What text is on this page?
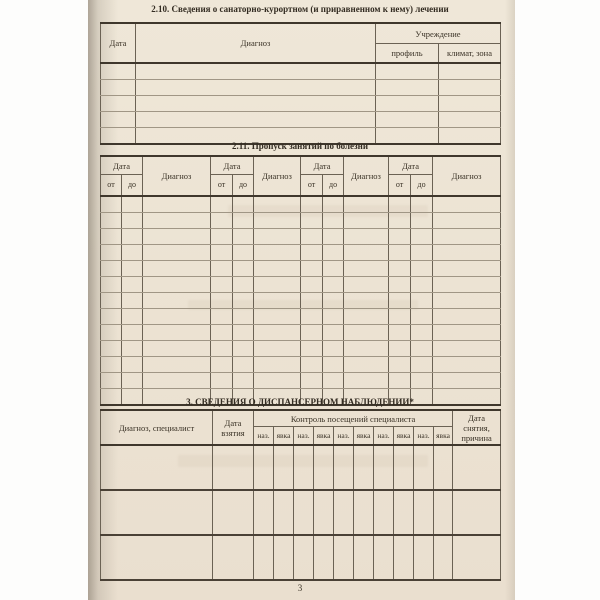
2.10. Сведения о санаторно-курортном (и приравненном к нему) лечении
Дата	Диагноз	Учреждение	
		профиль	климат, зона

2.11. Пропуск занятий по болезни
Дата		Диагноз	Дата		Диагноз	Дата		Диагноз	Дата		Диагноз
от	до		от	до		от	до		от	до	

3. СВЕДЕНИЯ О ДИСПАНСЕРНОМ НАБЛЮДЕНИИ*
Диагноз, специалист	Дата взятия	Контроль посещений специалиста										Дата снятия, причина
		наз.	явка	наз.	явка	наз.	явка	наз.	явка	наз.	явка	

3
